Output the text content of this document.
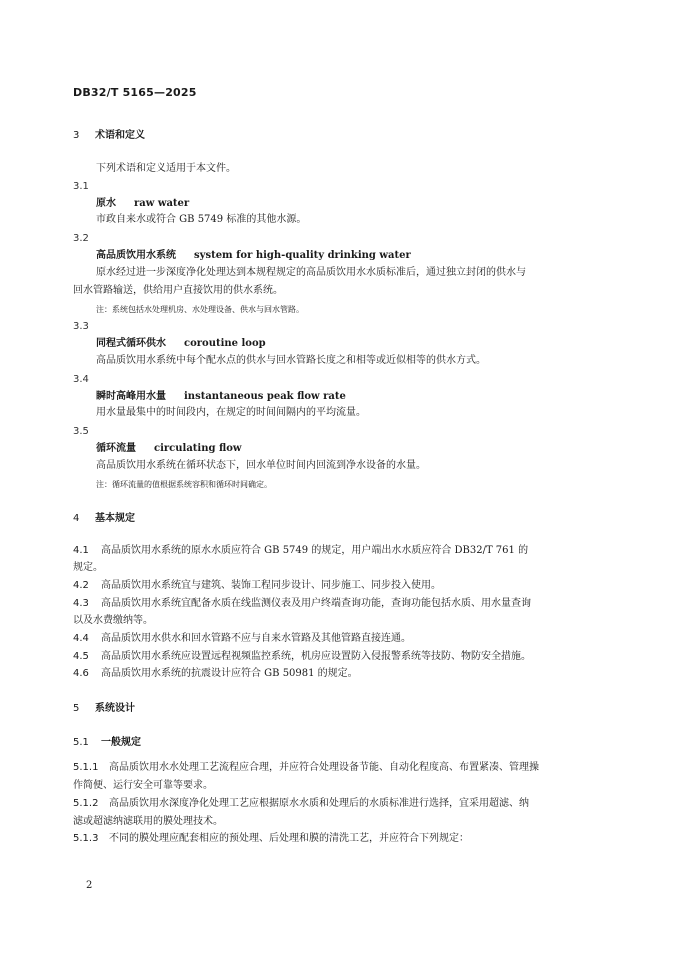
DB32/T 5165—2025
3 术语和定义
下列术语和定义适用于本文件。
3.1
原水 raw water
市政自来水或符合 GB 5749 标准的其他水源。
3.2
高品质饮用水系统 system for high-quality drinking water
原水经过进一步深度净化处理达到本规程规定的高品质饮用水水质标准后，通过独立封闭的供水与
回水管路输送，供给用户直接饮用的供水系统。
注：系统包括水处理机房、水处理设备、供水与回水管路。
3.3
同程式循环供水 coroutine loop
高品质饮用水系统中每个配水点的供水与回水管路长度之和相等或近似相等的供水方式。
3.4
瞬时高峰用水量 instantaneous peak flow rate
用水量最集中的时间段内，在规定的时间间隔内的平均流量。
3.5
循环流量 circulating flow
高品质饮用水系统在循环状态下，回水单位时间内回流到净水设备的水量。
注：循环流量的值根据系统容积和循环时间确定。
4 基本规定
4.1 高品质饮用水系统的原水水质应符合 GB 5749 的规定，用户端出水水质应符合 DB32/T 761 的
规定。
4.2 高品质饮用水系统宜与建筑、装饰工程同步设计、同步施工、同步投入使用。
4.3 高品质饮用水系统宜配备水质在线监测仪表及用户终端查询功能，查询功能包括水质、用水量查询
以及水费缴纳等。
4.4 高品质饮用水供水和回水管路不应与自来水管路及其他管路直接连通。
4.5 高品质饮用水系统应设置远程视频监控系统，机房应设置防入侵报警系统等技防、物防安全措施。
4.6 高品质饮用水系统的抗震设计应符合 GB 50981 的规定。
5 系统设计
5.1 一般规定
5.1.1 高品质饮用水水处理工艺流程应合理，并应符合处理设备节能、自动化程度高、布置紧凑、管理操
作简便、运行安全可靠等要求。
5.1.2 高品质饮用水深度净化处理工艺应根据原水水质和处理后的水质标准进行选择，宜采用超滤、纳
滤或超滤纳滤联用的膜处理技术。
5.1.3 不同的膜处理应配套相应的预处理、后处理和膜的清洗工艺，并应符合下列规定：
2
